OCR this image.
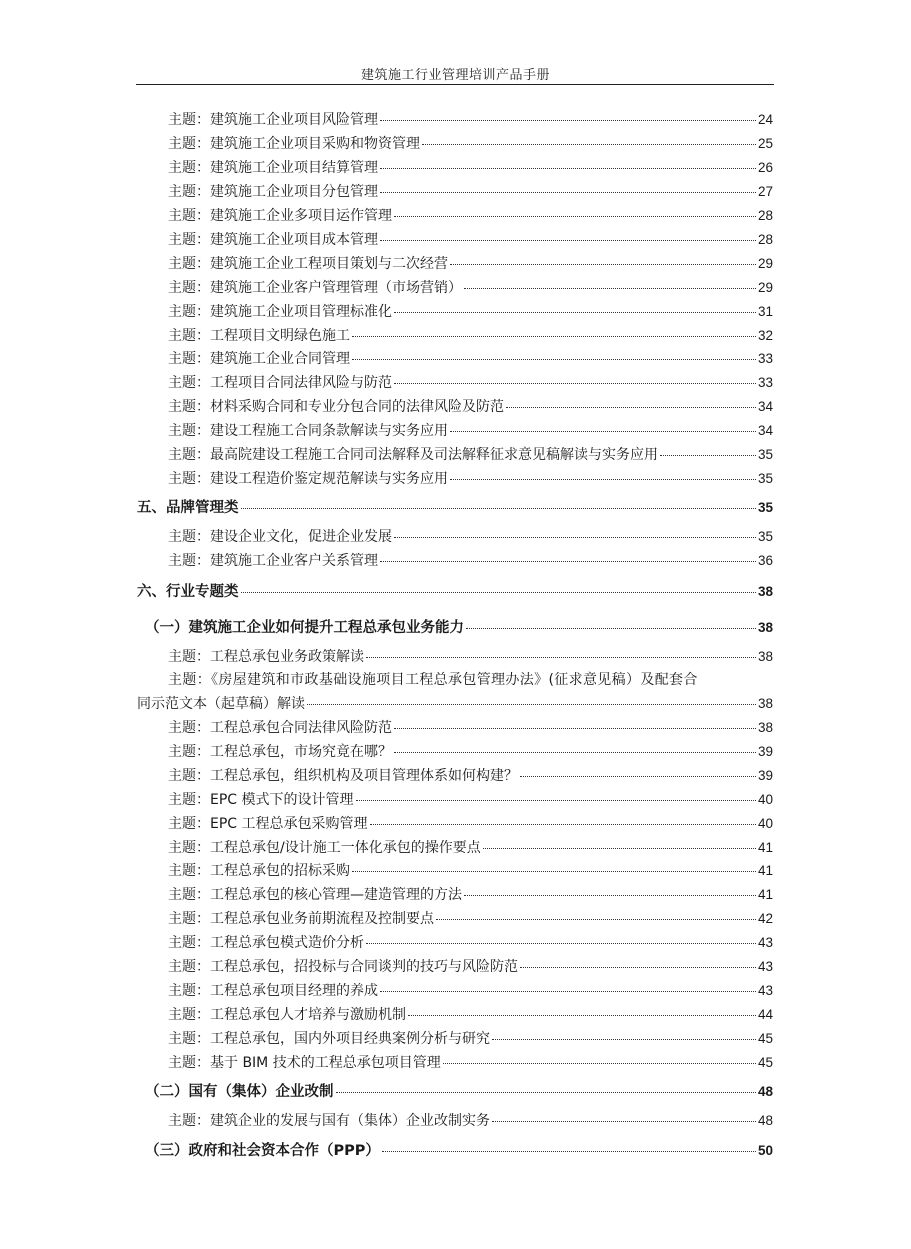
建筑施工行业管理培训产品手册
主题：建筑施工企业项目风险管理	24
主题：建筑施工企业项目采购和物资管理	25
主题：建筑施工企业项目结算管理	26
主题：建筑施工企业项目分包管理	27
主题：建筑施工企业多项目运作管理	28
主题：建筑施工企业项目成本管理	28
主题：建筑施工企业工程项目策划与二次经营	29
主题：建筑施工企业客户管理管理（市场营销）	29
主题：建筑施工企业项目管理标准化	31
主题：工程项目文明绿色施工	32
主题：建筑施工企业合同管理	33
主题：工程项目合同法律风险与防范	33
主题：材料采购合同和专业分包合同的法律风险及防范	34
主题：建设工程施工合同条款解读与实务应用	34
主题：最高院建设工程施工合同司法解释及司法解释征求意见稿解读与实务应用	35
主题：建设工程造价鉴定规范解读与实务应用	35
五、品牌管理类	35
主题：建设企业文化，促进企业发展	35
主题：建筑施工企业客户关系管理	36
六、行业专题类	38
（一）建筑施工企业如何提升工程总承包业务能力	38
主题：工程总承包业务政策解读	38
主题：《房屋建筑和市政基础设施项目工程总承包管理办法》(征求意见稿）及配套合
同示范文本（起草稿）解读	38
主题：工程总承包合同法律风险防范	38
主题：工程总承包，市场究竟在哪？	39
主题：工程总承包，组织机构及项目管理体系如何构建？	39
主题：EPC 模式下的设计管理	40
主题：EPC 工程总承包采购管理	40
主题：工程总承包/设计施工一体化承包的操作要点	41
主题：工程总承包的招标采购	41
主题：工程总承包的核心管理—建造管理的方法	41
主题：工程总承包业务前期流程及控制要点	42
主题：工程总承包模式造价分析	43
主题：工程总承包，招投标与合同谈判的技巧与风险防范	43
主题：工程总承包项目经理的养成	43
主题：工程总承包人才培养与激励机制	44
主题：工程总承包，国内外项目经典案例分析与研究	45
主题：基于 BIM 技术的工程总承包项目管理	45
（二）国有（集体）企业改制	48
主题：建筑企业的发展与国有（集体）企业改制实务	48
（三）政府和社会资本合作（PPP）	50
